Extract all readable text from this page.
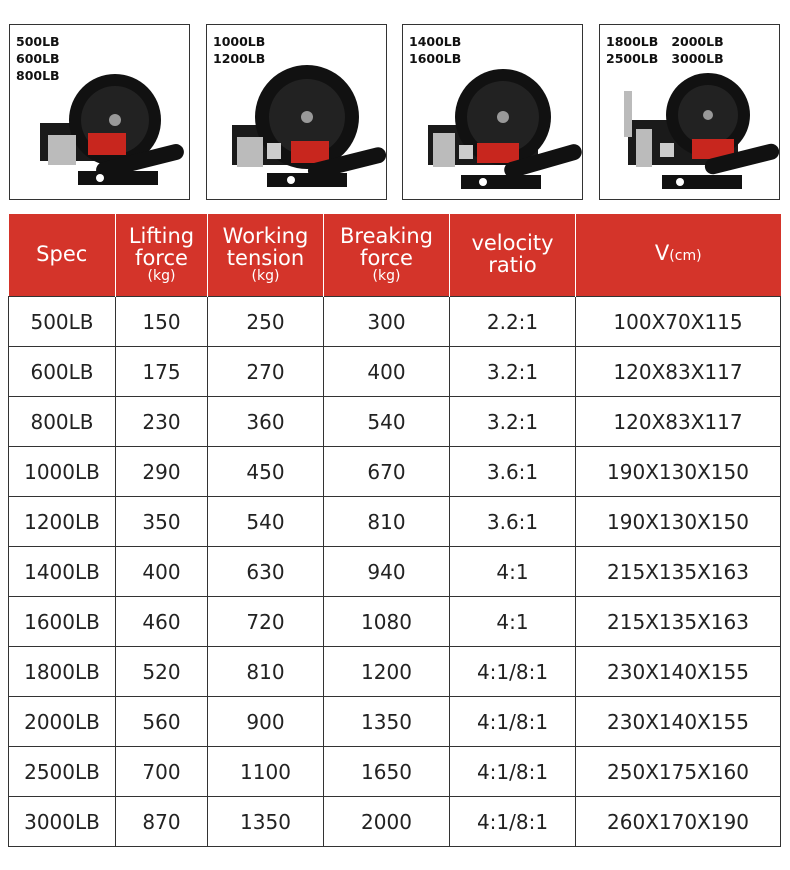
500LB
600LB
800LB
1000LB
1200LB
1400LB
1600LB
1800LB   2000LB
2500LB   3000LB
Spec	Lifting
force
(kg)	Working
tension
(kg)	Breaking
force
(kg)	velocity
ratio	V(cm)
500LB	150	250	300	2.2:1	100X70X115
600LB	175	270	400	3.2:1	120X83X117
800LB	230	360	540	3.2:1	120X83X117
1000LB	290	450	670	3.6:1	190X130X150
1200LB	350	540	810	3.6:1	190X130X150
1400LB	400	630	940	4:1	215X135X163
1600LB	460	720	1080	4:1	215X135X163
1800LB	520	810	1200	4:1/8:1	230X140X155
2000LB	560	900	1350	4:1/8:1	230X140X155
2500LB	700	1100	1650	4:1/8:1	250X175X160
3000LB	870	1350	2000	4:1/8:1	260X170X190
